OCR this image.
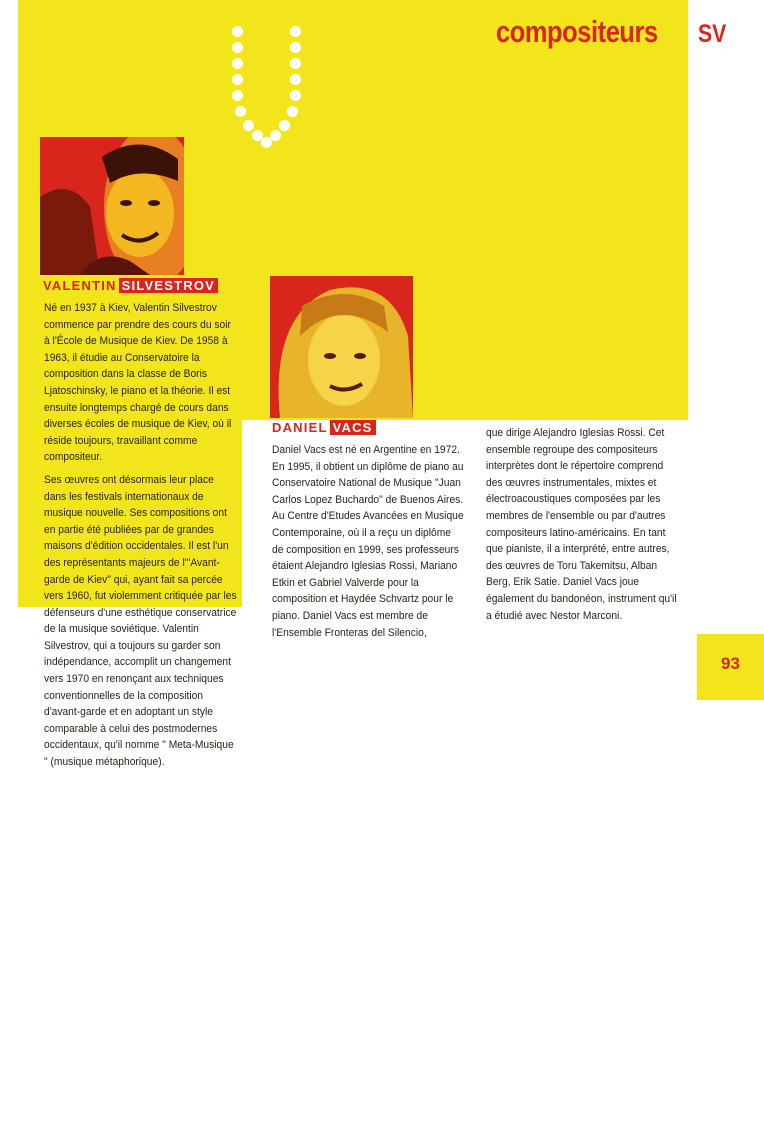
compositeurs SV
VALENTIN SILVESTROV

Né en 1937 à Kiev, Valentin Silvestrov commence par prendre des cours du soir à l'École de Musique de Kiev. De 1958 à 1963, il étudie au Conservatoire la composition dans la classe de Boris Ljatoschinsky, le piano et la théorie. Il est ensuite longtemps chargé de cours dans diverses écoles de musique de Kiev, où il réside toujours, travaillant comme compositeur.

Ses œuvres ont désormais leur place dans les festivals internationaux de musique nouvelle. Ses compositions ont en partie été publiées par de grandes maisons d'édition occidentales. Il est l'un des représentants majeurs de l'"Avant-garde de Kiev" qui, ayant fait sa percée vers 1960, fut violemment critiquée par les défenseurs d'une esthétique conservatrice de la musique soviétique. Valentin Silvestrov, qui a toujours su garder son indépendance, accomplit un changement vers 1970 en renonçant aux techniques conventionnelles de la composition d'avant-garde et en adoptant un style comparable à celui des postmodernes occidentaux, qu'il nomme " Meta-Musique " (musique métaphorique).

DANIEL VACS
Daniel Vacs est né en Argentine en 1972. En 1995, il obtient un diplôme de piano au Conservatoire National de Musique "Juan Carlos Lopez Buchardo" de Buenos Aires. Au Centre d'Etudes Avancées en Musique Contemporaine, où il a reçu un diplôme de composition en 1999, ses professeurs étaient Alejandro Iglesias Rossi, Mariano Etkin et Gabriel Valverde pour la composition et Haydée Schvartz pour le piano. Daniel Vacs est membre de l'Ensemble Fronteras del Silencio,
que dirige Alejandro Iglesias Rossi. Cet ensemble regroupe des compositeurs interprètes dont le répertoire comprend des œuvres instrumentales, mixtes et électroacoustiques composées par les membres de l'ensemble ou par d'autres compositeurs latino-américains. En tant que pianiste, il a interprété, entre autres, des œuvres de Toru Takemitsu, Alban Berg, Erik Satie. Daniel Vacs joue également du bandonéon, instrument qu'il a étudié avec Nestor Marconi.
93
